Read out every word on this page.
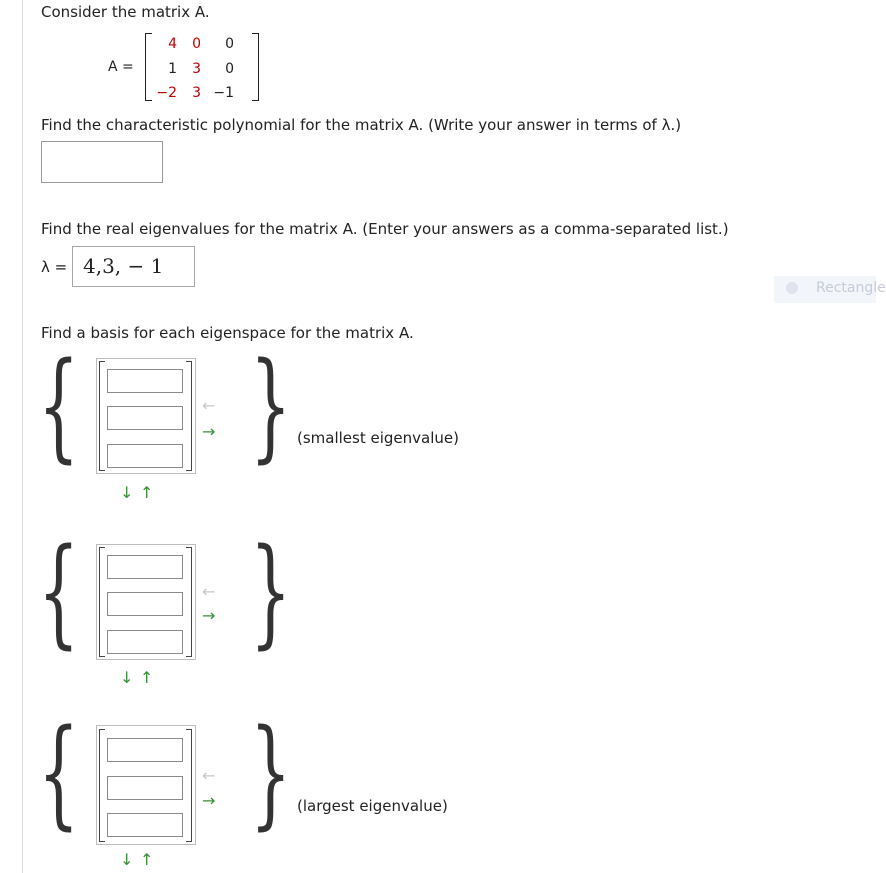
Consider the matrix A.
A =
4	0	0
1	3	0
−2	3 −1
Find the characteristic polynomial for the matrix A. (Write your answer in terms of λ.)
Find the real eigenvalues for the matrix A. (Enter your answers as a comma-separated list.)
λ = 4,3, − 1
Rectangle
Find a basis for each eigenspace for the matrix A.
{	←
→ }
↓ ↑
(smallest eigenvalue)
{	←
→ }
↓ ↑
{	←
→ }
↓ ↑
(largest eigenvalue)
